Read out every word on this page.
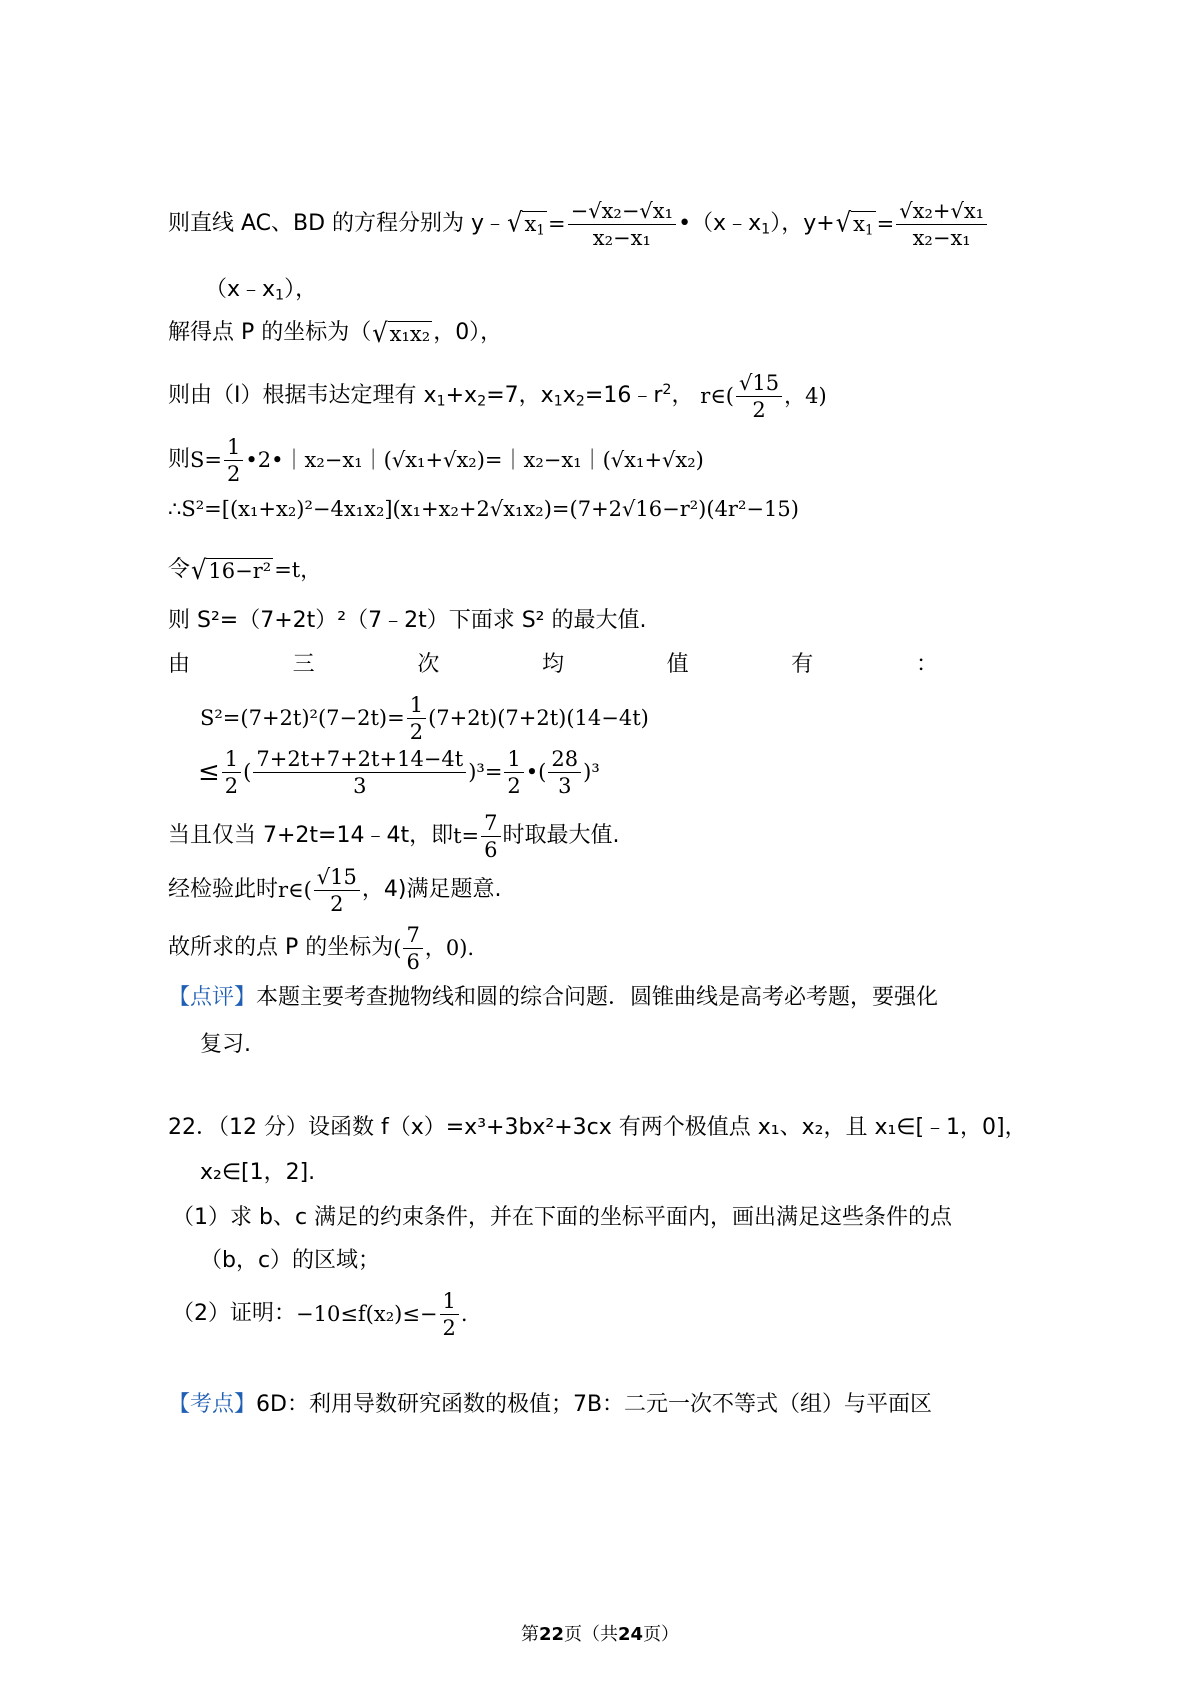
则直线 AC、BD 的方程分别为 y﹣ √ $x_1 = \frac{\text{−√x₂−√x₁}}{\text{x₂−x₁}}$ $•(x﹣x_1)$，y+ √ $x_1 = \frac{\text{√x₂+√x₁}}{\text{x₂−x₁}}$
$(x﹣x_1)$，
解得点 P 的坐标为（ √ x₁x₂ ，0），
则由（I）根据韦达定理有 $x_1+x_2=7$，$x_1x_2=16﹣r^2$，
r∈( $\frac{√15}{2}$ ，4)
则 $S= \frac{1}{2}$ •2•｜x₂−x₁｜(√x₁+√x₂)=｜x₂−x₁｜(√x₁+√x₂)
∴S²=[(x₁+x₂)²−4x₁x₂](x₁+x₂+2√x₁x₂)=(7+2√16−r²)(4r²−15)
令 √ 16−r² =t，
则 S²=（7+2t）²（7﹣2t）下面求 S² 的最大值.
由	三	次	均	值	有	：
$S^2=(7+2t)^2(7-2t)= \frac{1}{2} (7+2t)(7+2t)(14-4t)$
≤ $\frac{1}{2}$ ( $\frac{7+2t+7+2t+14-4t}{3} )^3= \frac{1}{2}$ •( $\frac{28}{3} )^3$
当且仅当 7+2t=14﹣4t，即 $t= \frac{7}{6}$ 时取最大值.
经检验此时 r∈( $\frac{√15}{2}$ ，4)满足题意.
故所求的点 P 的坐标为 ( $\frac{7}{6}$ ，0).
【点评】本题主要考查抛物线和圆的综合问题．圆锥曲线是高考必考题，要强化
复习.
22．（12 分）设函数 f（x）=x³+3bx²+3cx 有两个极值点 x₁、x₂，且 x₁∈[﹣1，0]，
x₂∈[1，2].
（1）求 b、c 满足的约束条件，并在下面的坐标平面内，画出满足这些条件的点
（b，c）的区域；
（2）证明： $-10\le f(x_2)\le- \frac{1}{2}$ .
【考点】6D：利用导数研究函数的极值；7B：二元一次不等式（组）与平面区
第22页（共24页）
